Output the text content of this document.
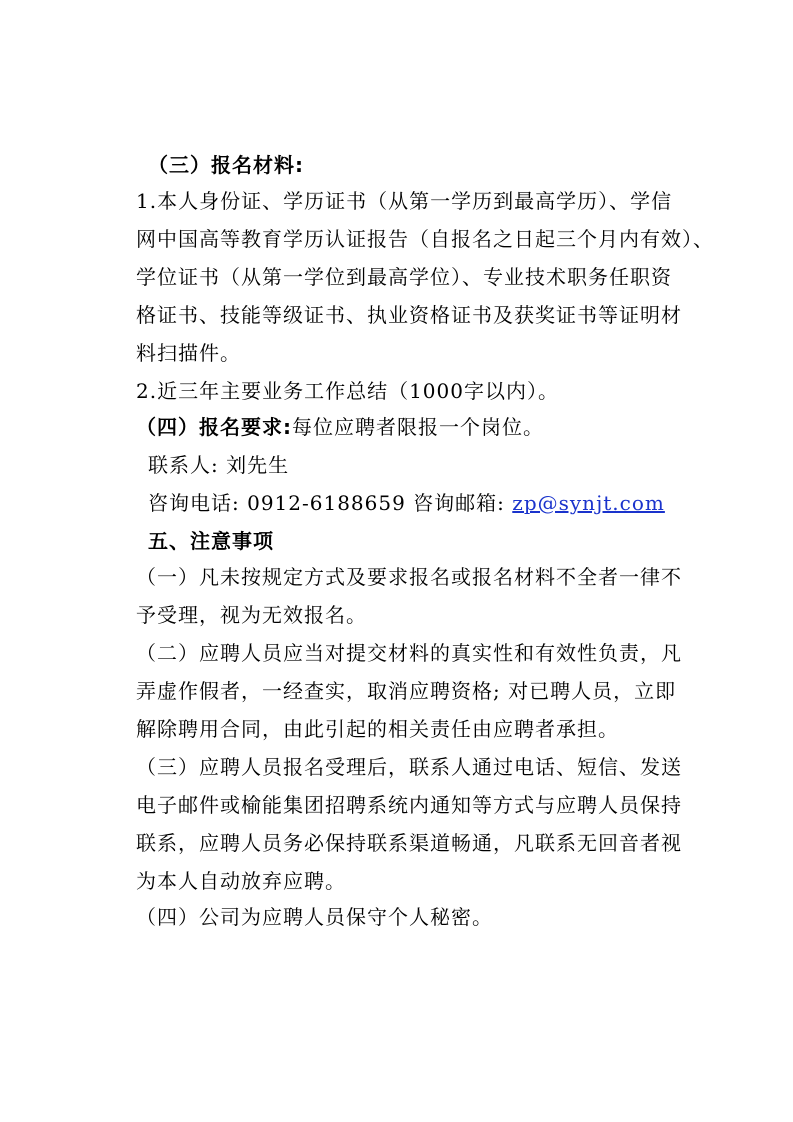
（三）报名材料:
1.本人身份证、学历证书（从第一学历到最高学历）、学信
网中国高等教育学历认证报告（自报名之日起三个月内有效）、
学位证书（从第一学位到最高学位）、专业技术职务任职资
格证书、技能等级证书、执业资格证书及获奖证书等证明材
料扫描件。
2.近三年主要业务工作总结（1000字以内）。
（四）报名要求:每位应聘者限报一个岗位。
联系人: 刘先生
咨询电话: 0912-6188659 咨询邮箱: zp@synjt.com
五、注意事项
（一）凡未按规定方式及要求报名或报名材料不全者一律不
予受理，视为无效报名。
（二）应聘人员应当对提交材料的真实性和有效性负责，凡
弄虚作假者，一经查实，取消应聘资格; 对已聘人员，立即
解除聘用合同，由此引起的相关责任由应聘者承担。
（三）应聘人员报名受理后，联系人通过电话、短信、发送
电子邮件或榆能集团招聘系统内通知等方式与应聘人员保持
联系，应聘人员务必保持联系渠道畅通，凡联系无回音者视
为本人自动放弃应聘。
（四）公司为应聘人员保守个人秘密。
